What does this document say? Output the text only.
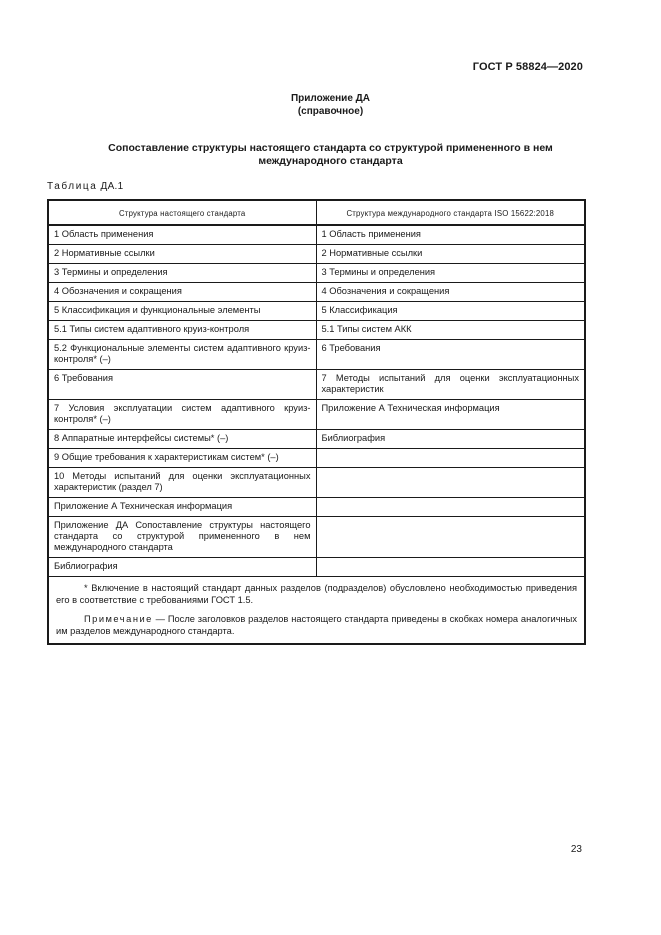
ГОСТ Р 58824—2020
Приложение ДА
(справочное)
Сопоставление структуры настоящего стандарта со структурой примененного в нем международного стандарта
Таблица ДА.1
Структура настоящего стандарта	Структура международного стандарта ISO 15622:2018
1 Область применения	1 Область применения
2 Нормативные ссылки	2 Нормативные ссылки
3 Термины и определения	3 Термины и определения
4 Обозначения и сокращения	4 Обозначения и сокращения
5 Классификация и функциональные элементы	5 Классификация
5.1 Типы систем адаптивного круиз-контроля	5.1 Типы систем АКК
5.2 Функциональные элементы систем адаптивного круиз-контроля* (–)	6 Требования
6 Требования	7 Методы испытаний для оценки эксплуатационных характеристик
7 Условия эксплуатации систем адаптивного круиз-контроля* (–)	Приложение А Техническая информация
8 Аппаратные интерфейсы системы* (–)	Библиография
9 Общие требования к характеристикам систем* (–)	
10 Методы испытаний для оценки эксплуатационных характеристик (раздел 7)	
Приложение А Техническая информация	
Приложение ДА Сопоставление структуры настоящего стандарта со структурой примененного в нем международного стандарта	
Библиография	

* Включение в настоящий стандарт данных разделов (подразделов) обусловлено необходимостью приведения его в соответствие с требованиями ГОСТ 1.5.

Примечание — После заголовков разделов настоящего стандарта приведены в скобках номера аналогичных им разделов международного стандарта.	

23
